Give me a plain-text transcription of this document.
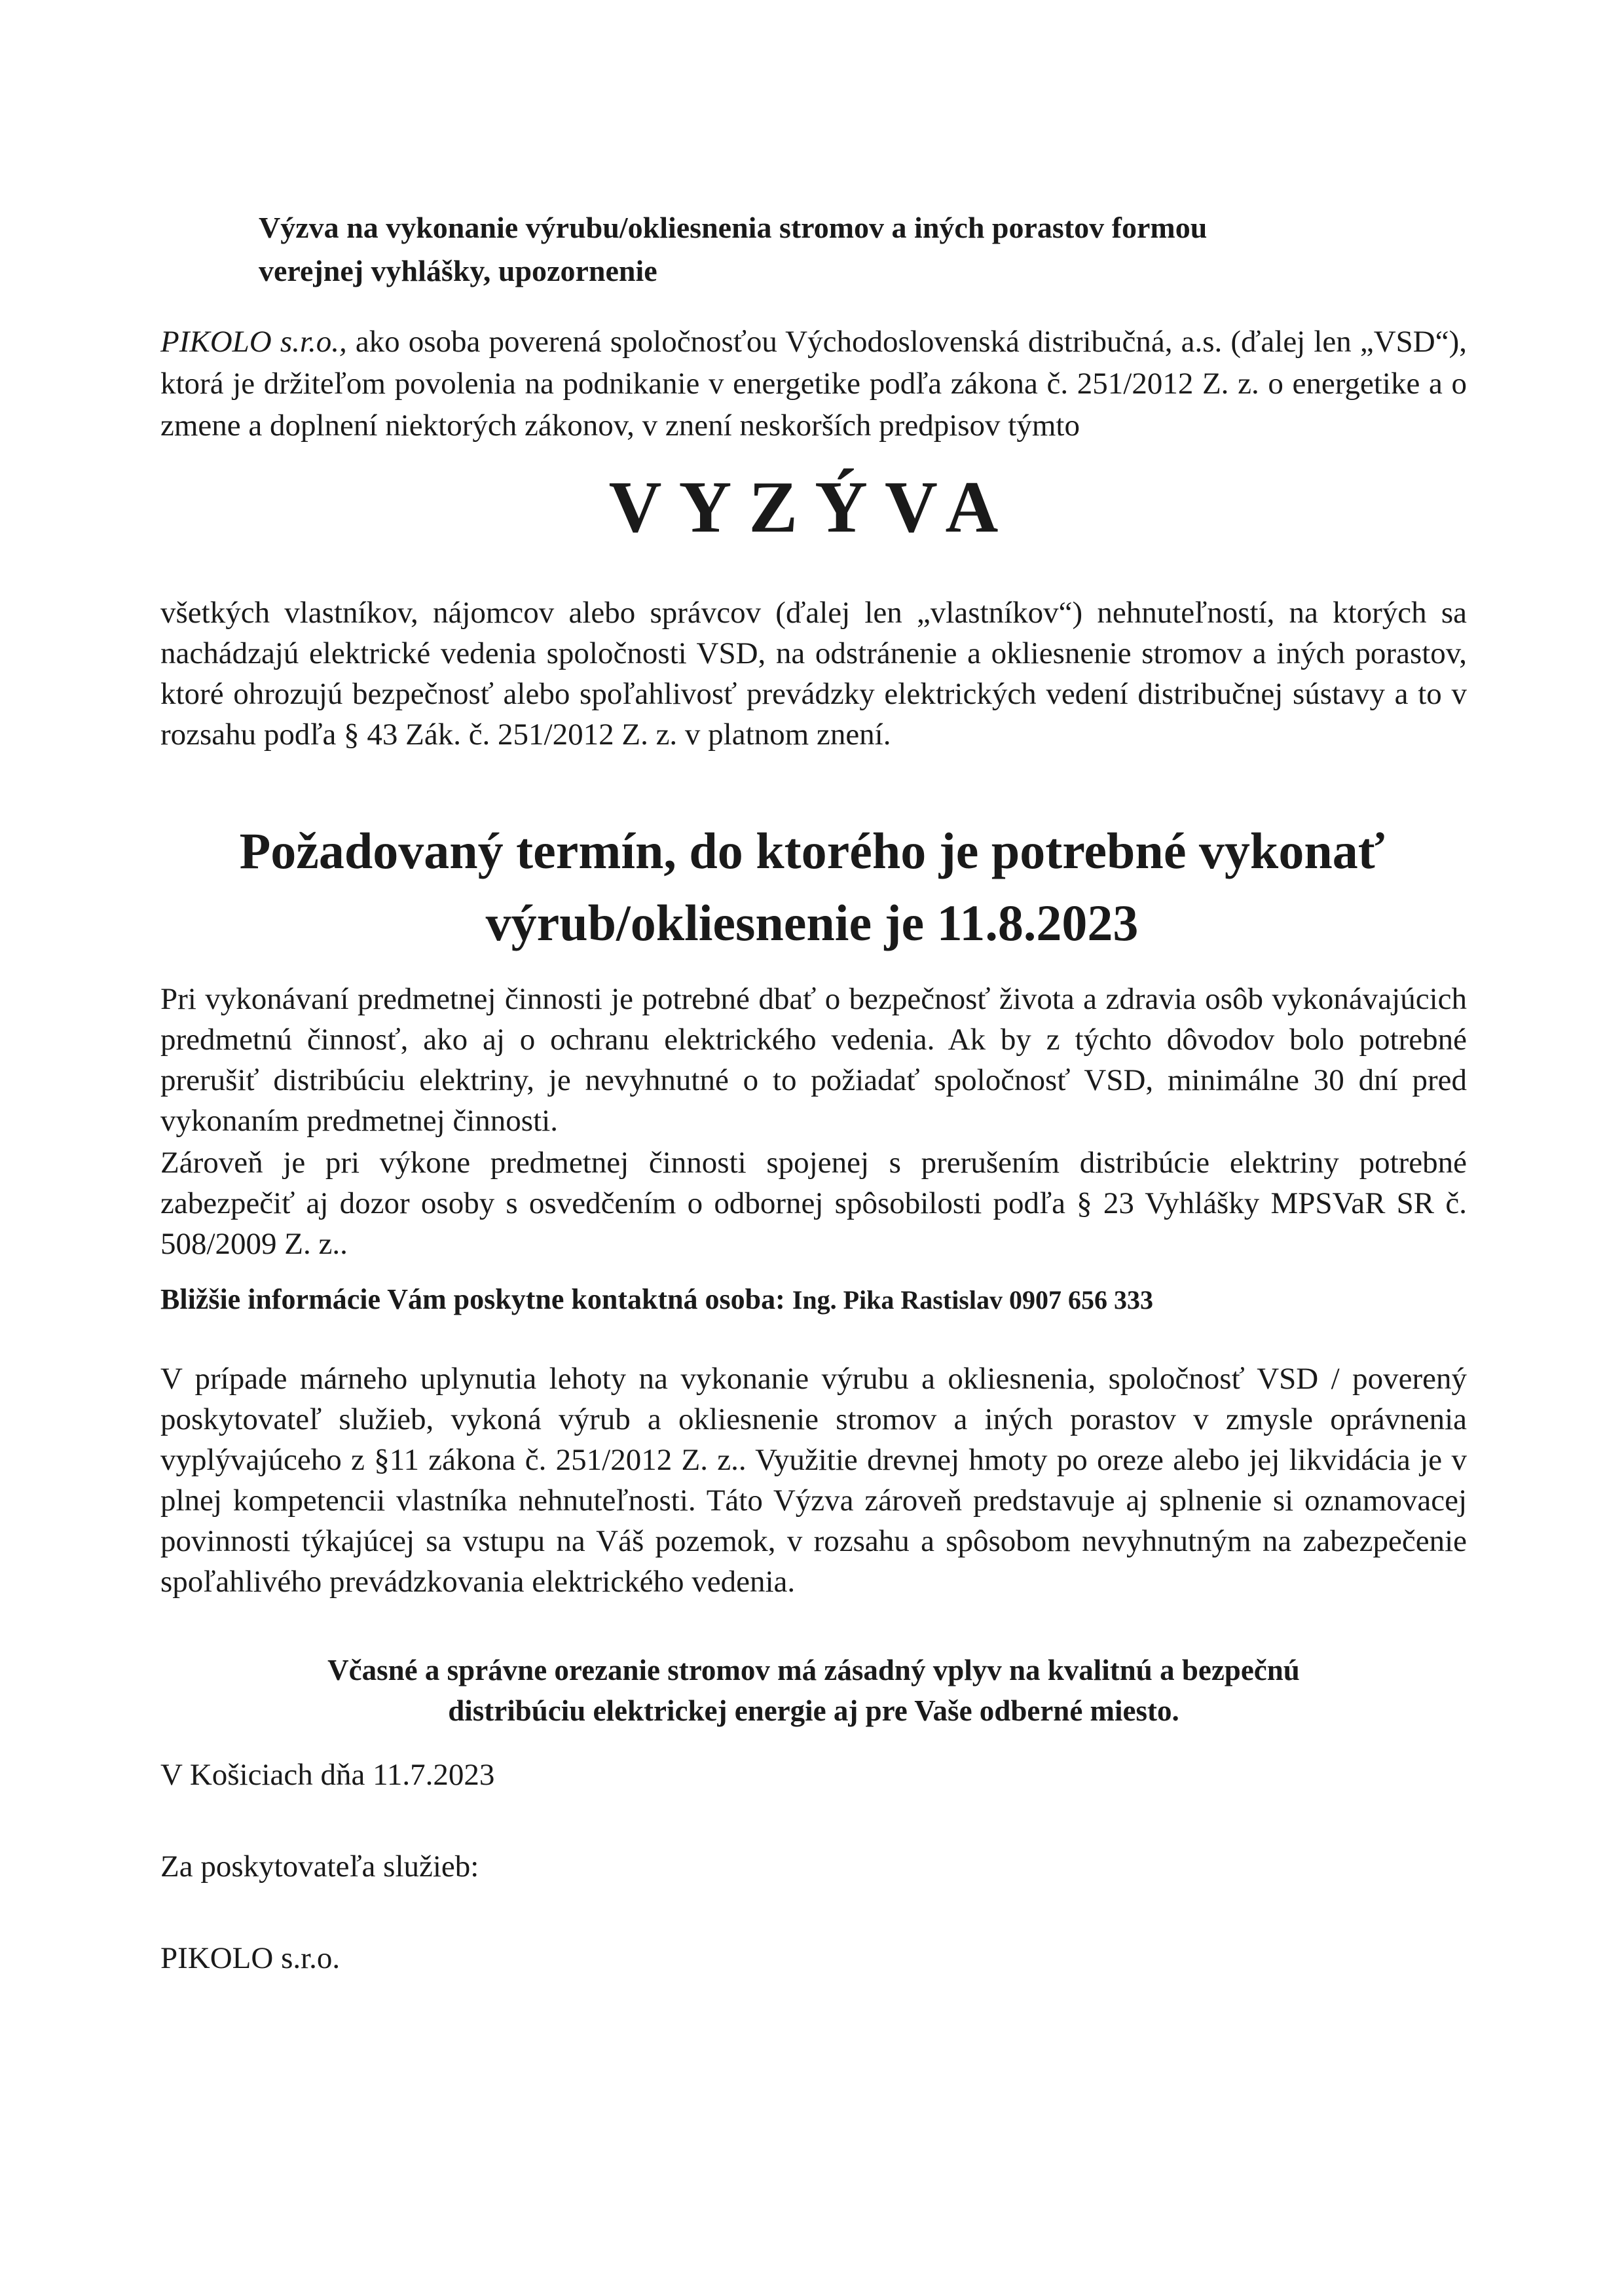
Výzva na vykonanie výrubu/okliesnenia stromov a iných porastov formou

verejnej vyhlášky, upozornenie

PIKOLO s.r.o., ako osoba poverená spoločnosťou Východoslovenská distribučná, a.s. (ďalej len „VSD“), ktorá je držiteľom povolenia na podnikanie v energetike podľa zákona č. 251/2012 Z. z. o energetike a o zmene a doplnení niektorých zákonov, v znení neskorších predpisov týmto

VYZÝVA

všetkých vlastníkov, nájomcov alebo správcov (ďalej len „vlastníkov“) nehnuteľností, na ktorých sa nachádzajú elektrické vedenia spoločnosti VSD, na odstránenie a okliesnenie stromov a iných porastov, ktoré ohrozujú bezpečnosť alebo spoľahlivosť prevádzky elektrických vedení distribučnej sústavy a to v rozsahu podľa § 43 Zák. č. 251/2012 Z. z. v platnom znení.

Požadovaný termín, do ktorého je potrebné vykonať

výrub/okliesnenie je 11.8.2023

Pri vykonávaní predmetnej činnosti je potrebné dbať o bezpečnosť života a zdravia osôb vykonávajúcich predmetnú činnosť, ako aj o ochranu elektrického vedenia. Ak by z týchto dôvodov bolo potrebné prerušiť distribúciu elektriny, je nevyhnutné o to požiadať spoločnosť VSD, minimálne 30 dní pred vykonaním predmetnej činnosti.

Zároveň je pri výkone predmetnej činnosti spojenej s prerušením distribúcie elektriny potrebné zabezpečiť aj dozor osoby s osvedčením o odbornej spôsobilosti podľa § 23 Vyhlášky MPSVaR SR č. 508/2009 Z. z..

Bližšie informácie Vám poskytne kontaktná osoba: Ing. Pika Rastislav 0907 656 333

V prípade márneho uplynutia lehoty na vykonanie výrubu a okliesnenia, spoločnosť VSD / poverený poskytovateľ služieb, vykoná výrub a okliesnenie stromov a iných porastov v zmysle oprávnenia vyplývajúceho z §11 zákona č. 251/2012 Z. z.. Využitie drevnej hmoty po oreze alebo jej likvidácia je v plnej kompetencii vlastníka nehnuteľnosti. Táto Výzva zároveň predstavuje aj splnenie si oznamovacej povinnosti týkajúcej sa vstupu na Váš pozemok, v rozsahu a spôsobom nevyhnutným na zabezpečenie spoľahlivého prevádzkovania elektrického vedenia.

Včasné a správne orezanie stromov má zásadný vplyv na kvalitnú a bezpečnú

distribúciu elektrickej energie aj pre Vaše odberné miesto.

V Košiciach dňa 11.7.2023

Za poskytovateľa služieb:

PIKOLO s.r.o.
